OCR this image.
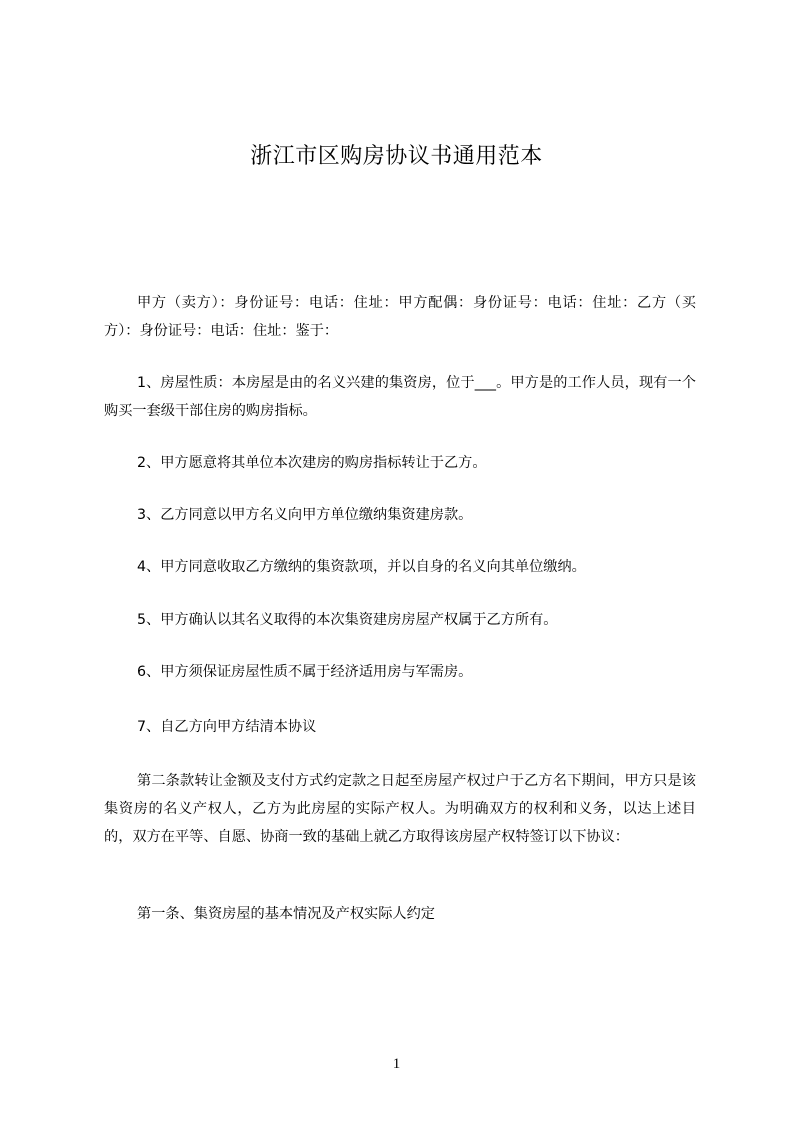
浙江市区购房协议书通用范本

甲方（卖方）：身份证号：电话：住址：甲方配偶：身份证号：电话：住址：乙方（买方）：身份证号：电话：住址：鉴于：

1、房屋性质：本房屋是由的名义兴建的集资房，位于___。甲方是的工作人员，现有一个购买一套级干部住房的购房指标。

2、甲方愿意将其单位本次建房的购房指标转让于乙方。

3、乙方同意以甲方名义向甲方单位缴纳集资建房款。

4、甲方同意收取乙方缴纳的集资款项，并以自身的名义向其单位缴纳。

5、甲方确认以其名义取得的本次集资建房房屋产权属于乙方所有。

6、甲方须保证房屋性质不属于经济适用房与军需房。

7、自乙方向甲方结清本协议

第二条款转让金额及支付方式约定款之日起至房屋产权过户于乙方名下期间，甲方只是该集资房的名义产权人，乙方为此房屋的实际产权人。为明确双方的权利和义务，以达上述目的，双方在平等、自愿、协商一致的基础上就乙方取得该房屋产权特签订以下协议：

第一条、集资房屋的基本情况及产权实际人约定

1
